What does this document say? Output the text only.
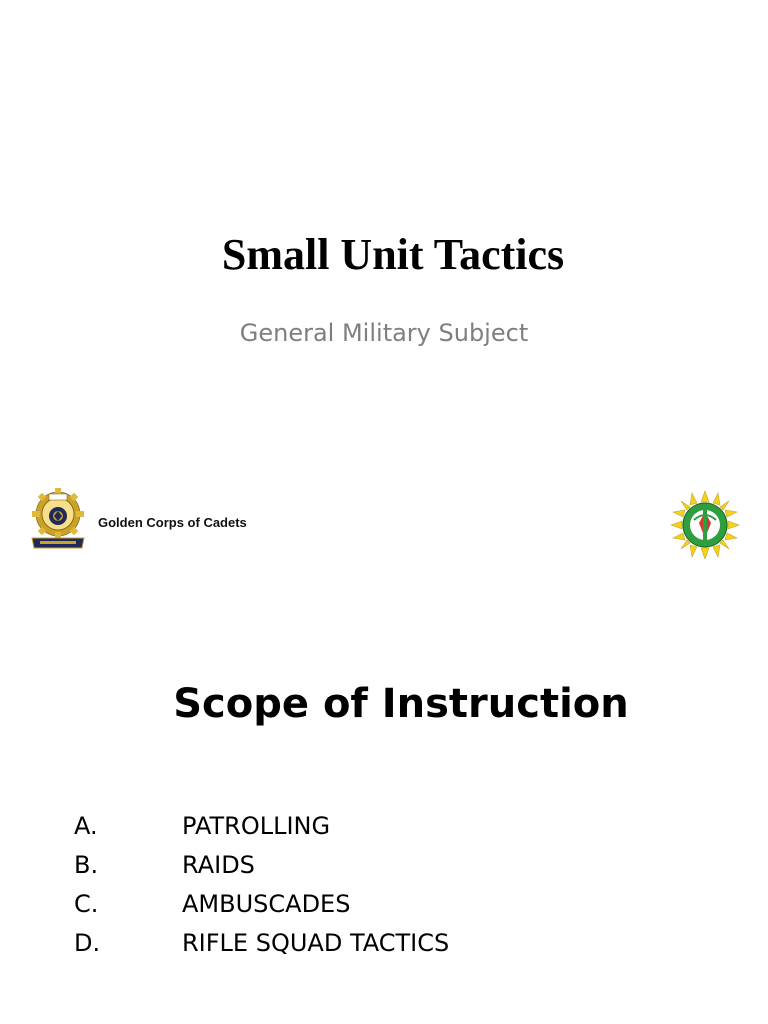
Small Unit Tactics
General Military Subject
Golden Corps of Cadets
Scope of Instruction
A.	PATROLLING
B.	RAIDS
C.	AMBUSCADES
D.	RIFLE SQUAD TACTICS
